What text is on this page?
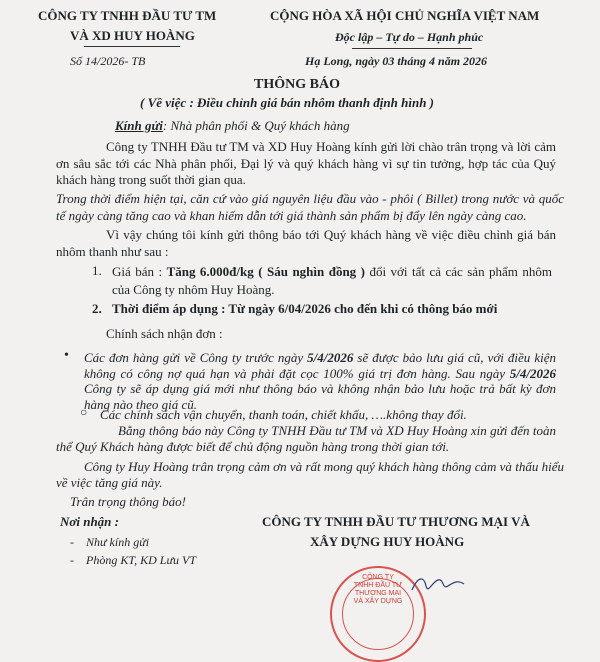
CÔNG TY TNHH ĐẦU TƯ TM
VÀ XD HUY HOÀNG
Số 14/2026- TB
CỘNG HÒA XÃ HỘI CHỦ NGHĨA VIỆT NAM
Độc lập – Tự do – Hạnh phúc
Hạ Long, ngày 03 tháng 4 năm 2026
THÔNG BÁO
( Về việc : Điều chỉnh giá bán nhôm thanh định hình )
Kính gửi: Nhà phân phối & Quý khách hàng
Công ty TNHH Đầu tư TM và XD Huy Hoàng kính gửi lời chào trân trọng và lời cảm ơn sâu sắc tới các Nhà phân phối, Đại lý và quý khách hàng vì sự tin tưởng, hợp tác của Quý khách hàng trong suốt thời gian qua.
Trong thời điểm hiện tại, căn cứ vào giá nguyên liệu đầu vào - phôi ( Billet) trong nước và quốc tế ngày càng tăng cao và khan hiếm dẫn tới giá thành sản phẩm bị đẩy lên ngày càng cao.
Vì vậy chúng tôi kính gửi thông báo tới Quý khách hàng về việc điều chỉnh giá bán nhôm thanh như sau :
1. Giá bán : Tăng 6.000đ/kg ( Sáu nghìn đồng ) đổi với tất cả các sản phẩm nhôm của Công ty nhôm Huy Hoàng.
2. Thời điểm áp dụng : Từ ngày 6/04/2026 cho đến khi có thông báo mới
Chính sách nhận đơn :
• Các đơn hàng gửi về Công ty trước ngày 5/4/2026 sẽ được bảo lưu giá cũ, với điều kiện không có công nợ quá hạn và phải đặt cọc 100% giá trị đơn hàng. Sau ngày 5/4/2026 Công ty sẽ áp dụng giá mới như thông báo và không nhận bảo lưu hoặc trả bất kỳ đơn hàng nào theo giá cũ.
○ Các chính sách vận chuyển, thanh toán, chiết khấu, ….không thay đổi.
Bằng thông báo này Công ty TNHH Đầu tư TM và XD Huy Hoàng xin gửi đến toàn thể Quý Khách hàng được biết để chủ động nguồn hàng trong thời gian tới.
Công ty Huy Hoàng trân trọng cảm ơn và rất mong quý khách hàng thông cảm và thấu hiểu về việc tăng giá này.
Trân trọng thông báo!
Nơi nhận :
- Như kính gửi
- Phòng KT, KD Lưu VT
CÔNG TY TNHH ĐẦU TƯ THƯƠNG MẠI VÀ
XÂY DỰNG HUY HOÀNG
CÔNG TY TNHH ĐẦU TƯ THƯƠNG MẠI VÀ XÂY DỰNG
